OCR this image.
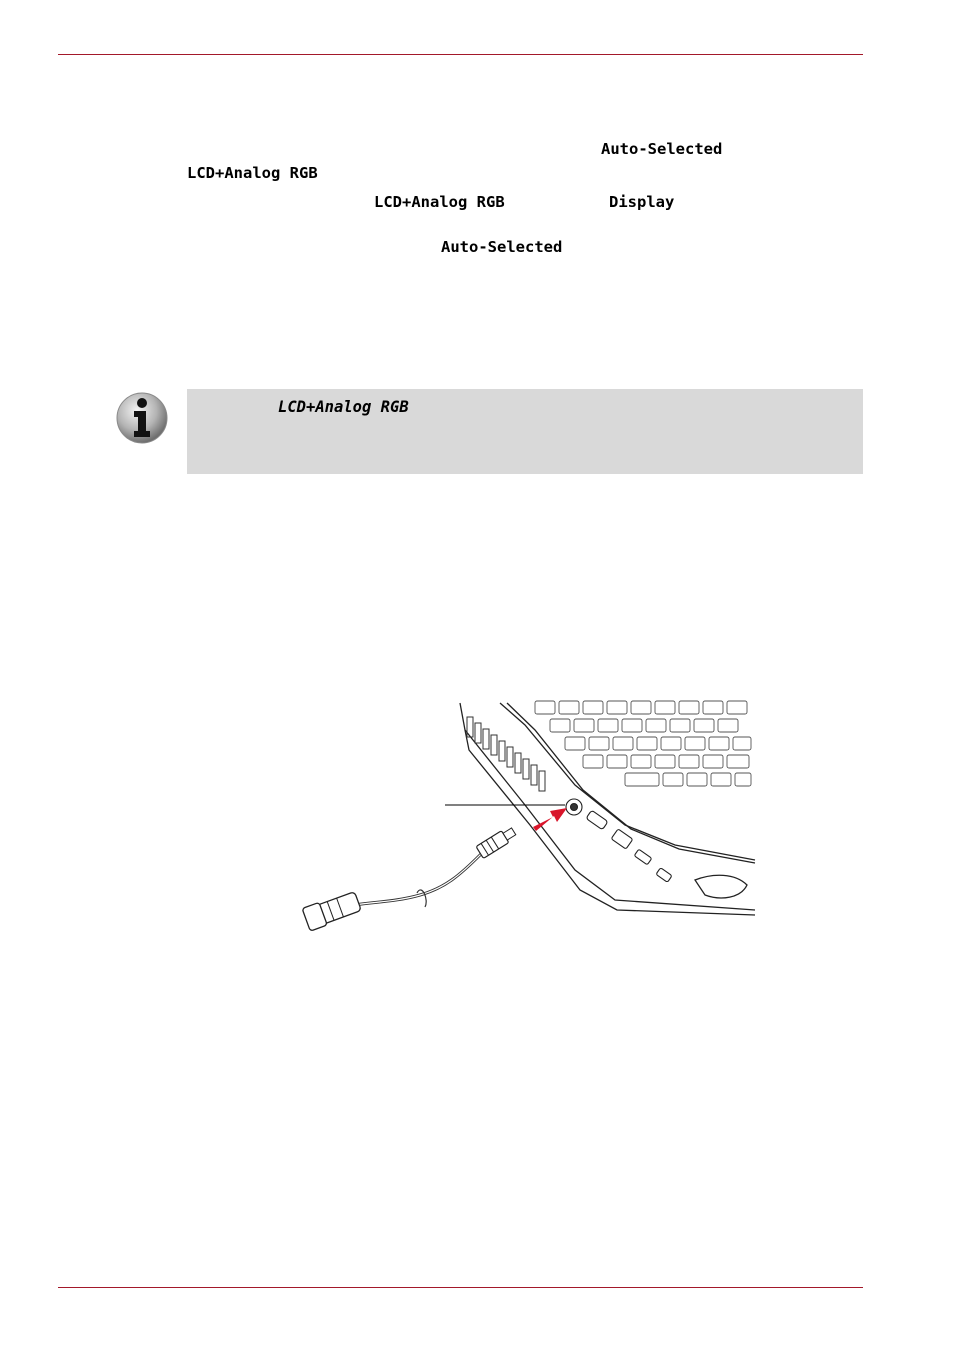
Auto-Selected
LCD+Analog RGB
LCD+Analog RGB	Display
Auto-Selected
LCD+Analog RGB
